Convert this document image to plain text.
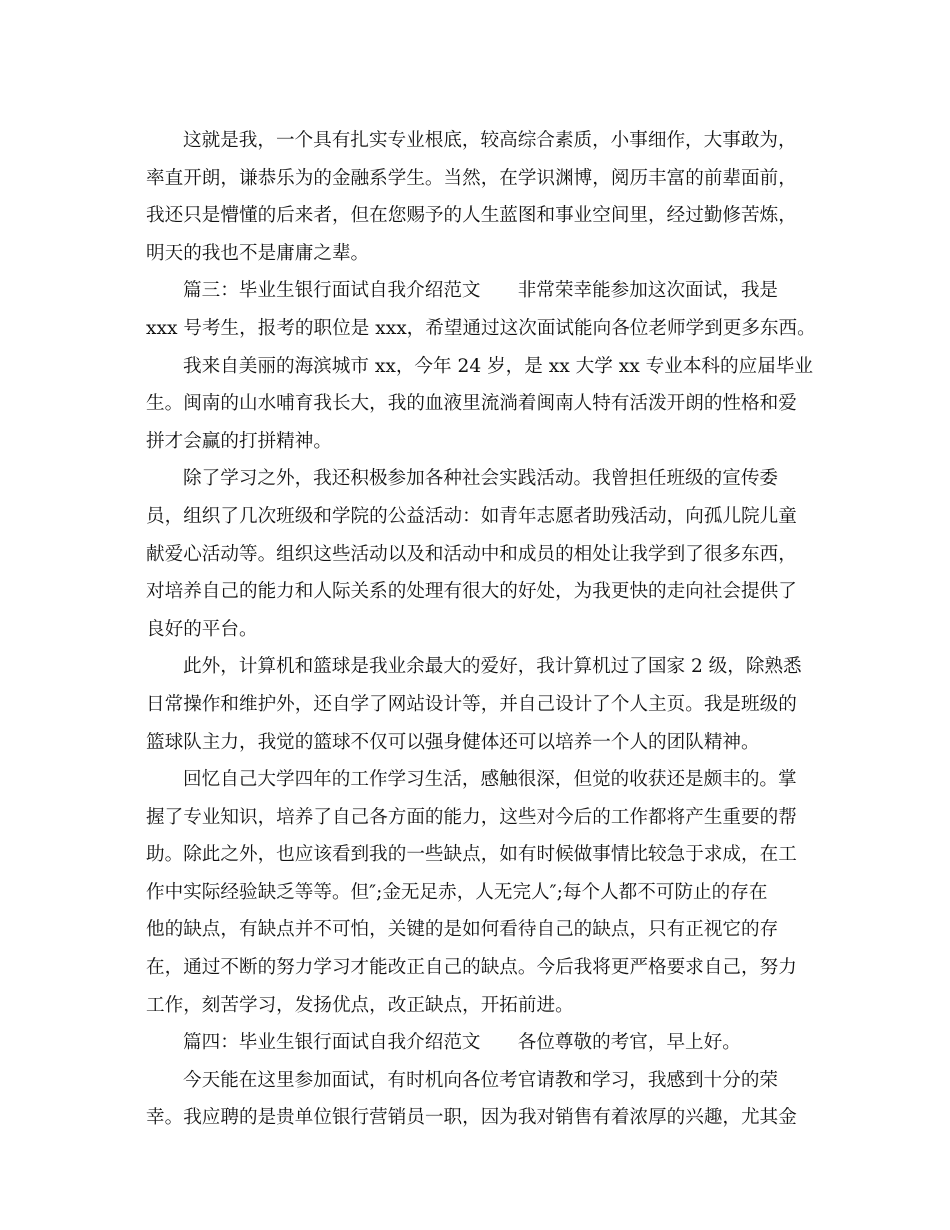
这就是我，一个具有扎实专业根底，较高综合素质，小事细作，大事敢为，
率直开朗，谦恭乐为的金融系学生。当然，在学识渊博，阅历丰富的前辈面前，
我还只是懵懂的后来者，但在您赐予的人生蓝图和事业空间里，经过勤修苦炼，
明天的我也不是庸庸之辈。
篇三：毕业生银行面试自我介绍范文　　非常荣幸能参加这次面试，我是
xxx 号考生，报考的职位是 xxx，希望通过这次面试能向各位老师学到更多东西。
我来自美丽的海滨城市 xx，今年 24 岁，是 xx 大学 xx 专业本科的应届毕业
生。闽南的山水哺育我长大，我的血液里流淌着闽南人特有活泼开朗的性格和爱
拼才会赢的打拼精神。
除了学习之外，我还积极参加各种社会实践活动。我曾担任班级的宣传委
员，组织了几次班级和学院的公益活动：如青年志愿者助残活动，向孤儿院儿童
献爱心活动等。组织这些活动以及和活动中和成员的相处让我学到了很多东西，
对培养自己的能力和人际关系的处理有很大的好处，为我更快的走向社会提供了
良好的平台。
此外，计算机和篮球是我业余最大的爱好，我计算机过了国家 2 级，除熟悉
日常操作和维护外，还自学了网站设计等，并自己设计了个人主页。我是班级的
篮球队主力，我觉的篮球不仅可以强身健体还可以培养一个人的团队精神。
回忆自己大学四年的工作学习生活，感触很深，但觉的收获还是颇丰的。掌
握了专业知识，培养了自己各方面的能力，这些对今后的工作都将产生重要的帮
助。除此之外，也应该看到我的一些缺点，如有时候做事情比较急于求成，在工
作中实际经验缺乏等等。但″;金无足赤，人无完人″;每个人都不可防止的存在
他的缺点，有缺点并不可怕，关键的是如何看待自己的缺点，只有正视它的存
在，通过不断的努力学习才能改正自己的缺点。今后我将更严格要求自己，努力
工作，刻苦学习，发扬优点，改正缺点，开拓前进。
篇四：毕业生银行面试自我介绍范文　　各位尊敬的考官，早上好。
今天能在这里参加面试，有时机向各位考官请教和学习，我感到十分的荣
幸。我应聘的是贵单位银行营销员一职，因为我对销售有着浓厚的兴趣，尤其金
